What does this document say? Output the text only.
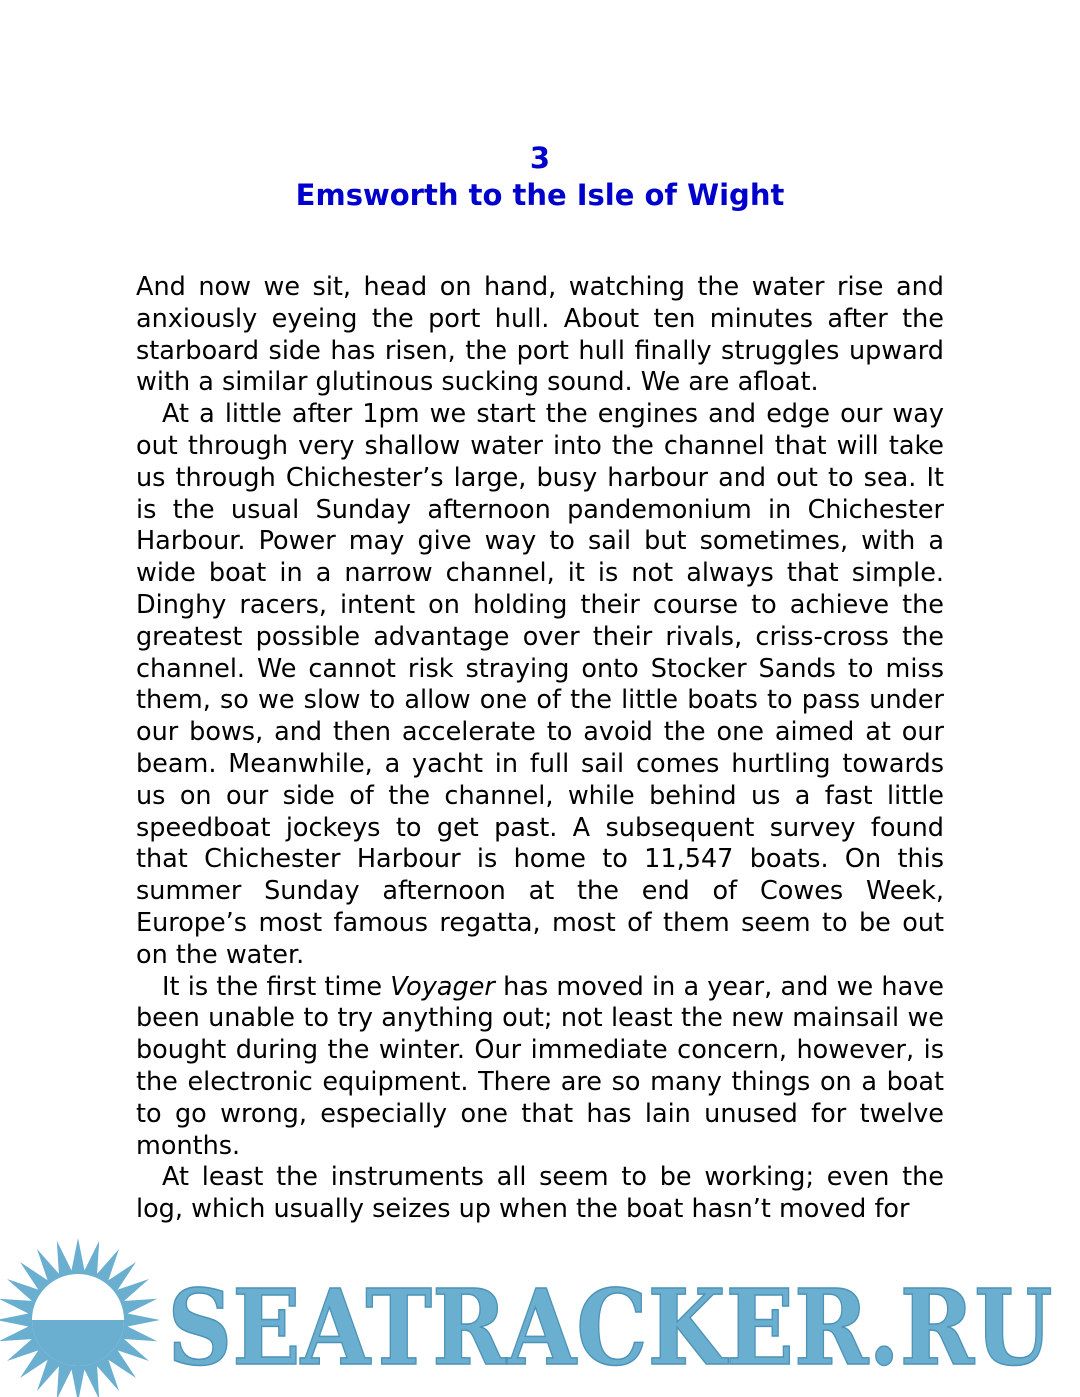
3
Emsworth to the Isle of Wight

And now we sit, head on hand, watching the water rise and anxiously eyeing the port hull. About ten minutes after the starboard side has risen, the port hull finally struggles upward with a similar glutinous sucking sound. We are afloat.

At a little after 1pm we start the engines and edge our way out through very shallow water into the channel that will take us through Chichester’s large, busy harbour and out to sea. It is the usual Sunday afternoon pandemonium in Chichester Harbour. Power may give way to sail but sometimes, with a wide boat in a narrow channel, it is not always that simple. Dinghy racers, intent on holding their course to achieve the greatest possible advantage over their rivals, criss-cross the channel. We cannot risk straying onto Stocker Sands to miss them, so we slow to allow one of the little boats to pass under our bows, and then accelerate to avoid the one aimed at our beam. Meanwhile, a yacht in full sail comes hurtling towards us on our side of the channel, while behind us a fast little speedboat jockeys to get past. A subsequent survey found that Chichester Harbour is home to 11,547 boats. On this summer Sunday afternoon at the end of Cowes Week, Europe’s most famous regatta, most of them seem to be out on the water.

It is the first time Voyager has moved in a year, and we have been unable to try anything out; not least the new mainsail we bought during the winter. Our immediate concern, however, is the electronic equipment. There are so many things on a boat to go wrong, especially one that has lain unused for twelve months.

At least the instruments all seem to be working; even the log, which usually seizes up when the boat hasn’t moved for

SEATRACKER.RU
